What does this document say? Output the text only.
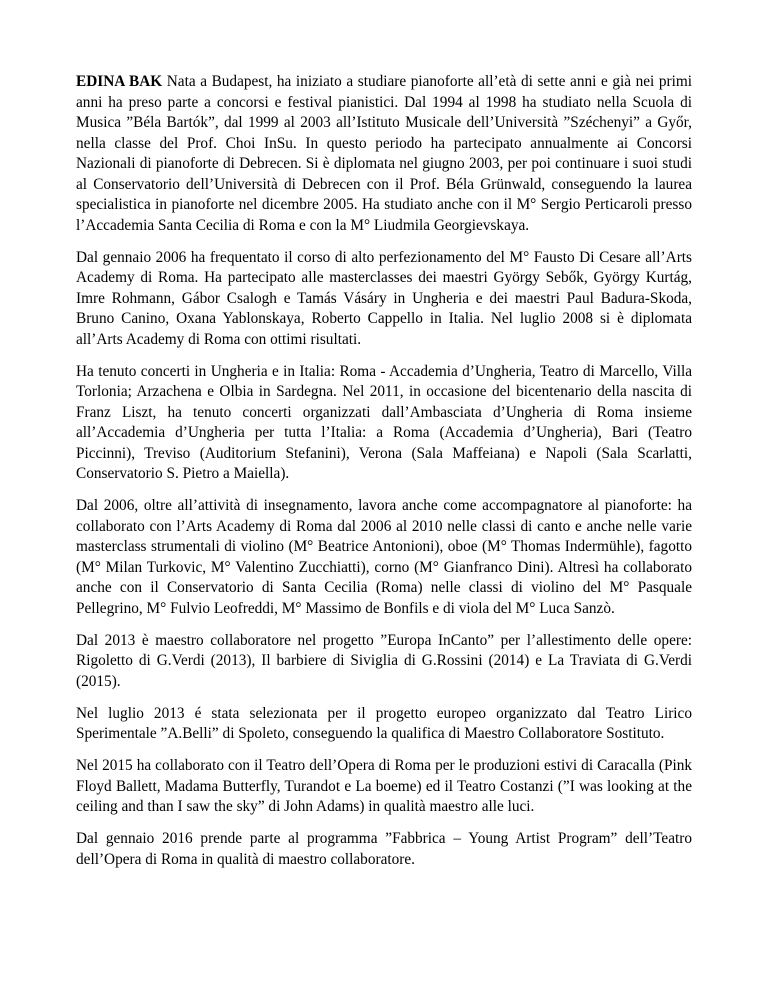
EDINA BAK Nata a Budapest, ha iniziato a studiare pianoforte all’età di sette anni e già nei primi anni ha preso parte a concorsi e festival pianistici. Dal 1994 al 1998 ha studiato nella Scuola di Musica ”Béla Bartók”, dal 1999 al 2003 all’Istituto Musicale dell’Università ”Széchenyi” a Győr, nella classe del Prof. Choi InSu. In questo periodo ha partecipato annualmente ai Concorsi Nazionali di pianoforte di Debrecen. Si è diplomata nel giugno 2003, per poi continuare i suoi studi al Conservatorio dell’Università di Debrecen con il Prof. Béla Grünwald, conseguendo la laurea specialistica in pianoforte nel dicembre 2005. Ha studiato anche con il M° Sergio Perticaroli presso l’Accademia Santa Cecilia di Roma e con la M° Liudmila Georgievskaya.

Dal gennaio 2006 ha frequentato il corso di alto perfezionamento del M° Fausto Di Cesare all’Arts Academy di Roma. Ha partecipato alle masterclasses dei maestri György Sebők, György Kurtág, Imre Rohmann, Gábor Csalogh e Tamás Vásáry in Ungheria e dei maestri Paul Badura-Skoda, Bruno Canino, Oxana Yablonskaya, Roberto Cappello in Italia. Nel luglio 2008 si è diplomata all’Arts Academy di Roma con ottimi risultati.

Ha tenuto concerti in Ungheria e in Italia: Roma - Accademia d’Ungheria, Teatro di Marcello, Villa Torlonia; Arzachena e Olbia in Sardegna. Nel 2011, in occasione del bicentenario della nascita di Franz Liszt, ha tenuto concerti organizzati dall’Ambasciata d’Ungheria di Roma insieme all’Accademia d’Ungheria per tutta l’Italia: a Roma (Accademia d’Ungheria), Bari (Teatro Piccinni), Treviso (Auditorium Stefanini), Verona (Sala Maffeiana) e Napoli (Sala Scarlatti, Conservatorio S. Pietro a Maiella).

Dal 2006, oltre all’attività di insegnamento, lavora anche come accompagnatore al pianoforte: ha collaborato con l’Arts Academy di Roma dal 2006 al 2010 nelle classi di canto e anche nelle varie masterclass strumentali di violino (M° Beatrice Antonioni), oboe (M° Thomas Indermühle), fagotto (M° Milan Turkovic, M° Valentino Zucchiatti), corno (M° Gianfranco Dini). Altresì ha collaborato anche con il Conservatorio di Santa Cecilia (Roma) nelle classi di violino del M° Pasquale Pellegrino, M° Fulvio Leofreddi, M° Massimo de Bonfils e di viola del M° Luca Sanzò.

Dal 2013 è maestro collaboratore nel progetto ”Europa InCanto” per l’allestimento delle opere: Rigoletto di G.Verdi (2013), Il barbiere di Siviglia di G.Rossini (2014) e La Traviata di G.Verdi (2015).

Nel luglio 2013 é stata selezionata per il progetto europeo organizzato dal Teatro Lirico Sperimentale ”A.Belli” di Spoleto, conseguendo la qualifica di Maestro Collaboratore Sostituto.

Nel 2015 ha collaborato con il Teatro dell’Opera di Roma per le produzioni estivi di Caracalla (Pink Floyd Ballett, Madama Butterfly, Turandot e La boeme) ed il Teatro Costanzi (”I was looking at the ceiling and than I saw the sky” di John Adams) in qualità maestro alle luci.

Dal gennaio 2016 prende parte al programma ”Fabbrica – Young Artist Program” dell’Teatro dell’Opera di Roma in qualità di maestro collaboratore.
